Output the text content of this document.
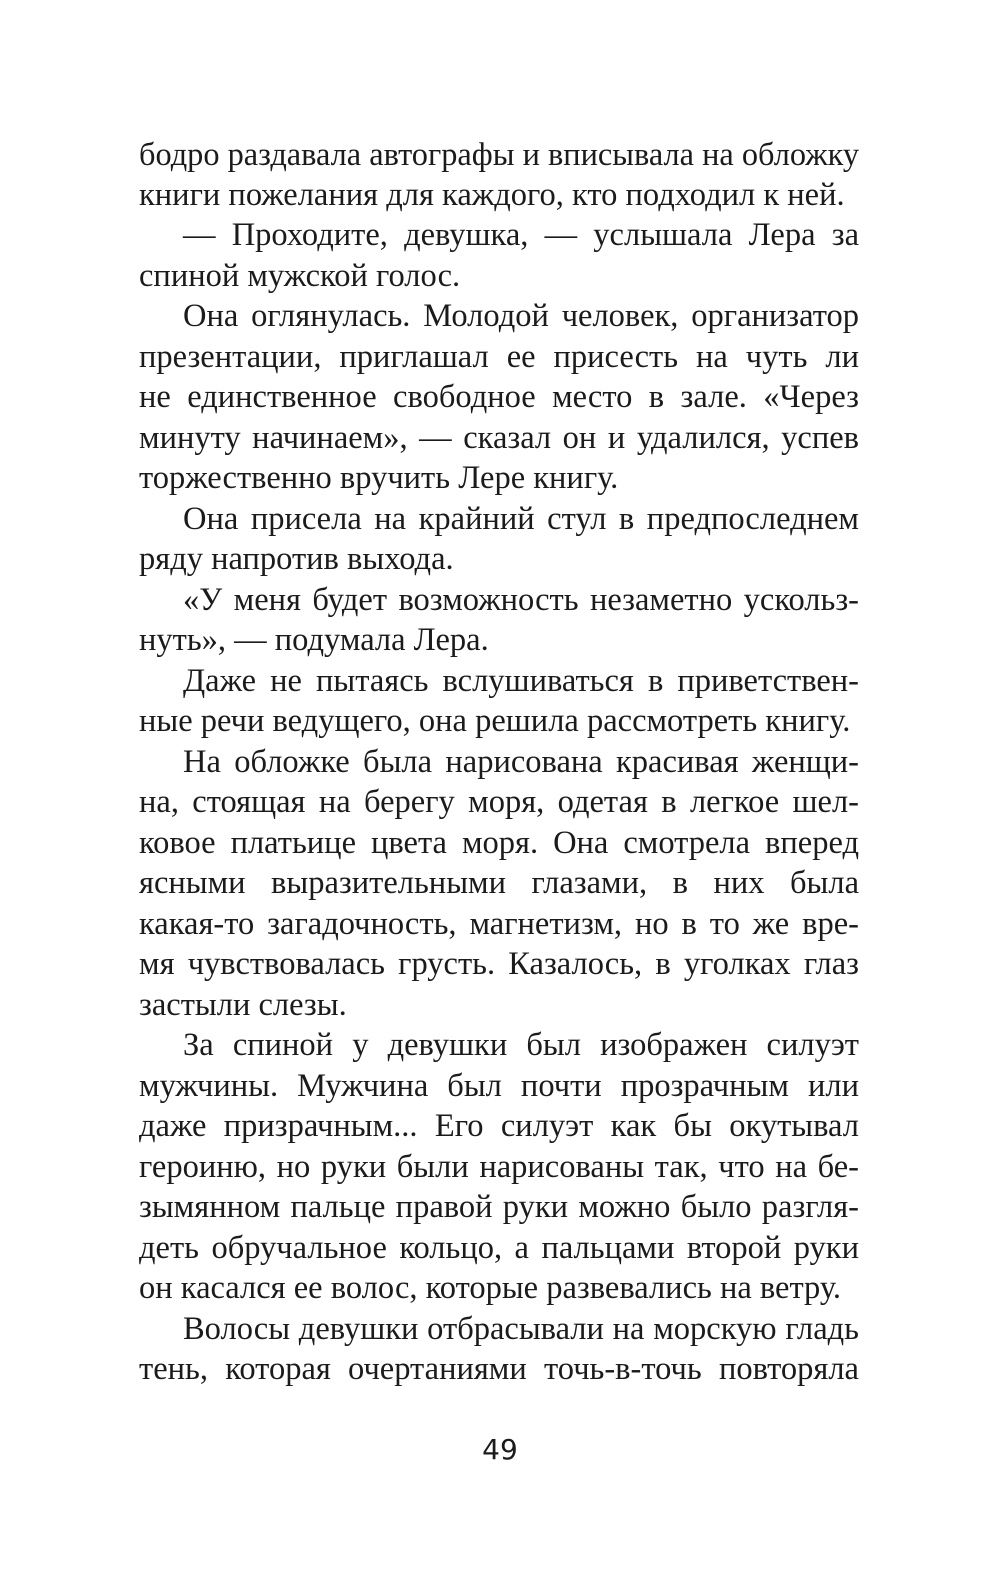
бодро раздавала автографы и вписывала на обложку
книги пожелания для каждого, кто подходил к ней.
— Проходите, девушка, — услышала Лера за
спиной мужской голос.
Она оглянулась. Молодой человек, организатор
презентации, приглашал ее присесть на чуть ли
не единственное свободное место в зале. «Через
минуту начинаем», — сказал он и удалился, успев
торжественно вручить Лере книгу.
Она присела на крайний стул в предпоследнем
ряду напротив выхода.
«У меня будет возможность незаметно ускольз-
нуть», — подумала Лера.
Даже не пытаясь вслушиваться в приветствен-
ные речи ведущего, она решила рассмотреть книгу.
На обложке была нарисована красивая женщи-
на, стоящая на берегу моря, одетая в легкое шел-
ковое платьице цвета моря. Она смотрела вперед
ясными выразительными глазами, в них была
какая-то загадочность, магнетизм, но в то же вре-
мя чувствовалась грусть. Казалось, в уголках глаз
застыли слезы.
За спиной у девушки был изображен силуэт
мужчины. Мужчина был почти прозрачным или
даже призрачным... Его силуэт как бы окутывал
героиню, но руки были нарисованы так, что на бе-
зымянном пальце правой руки можно было разгля-
деть обручальное кольцо, а пальцами второй руки
он касался ее волос, которые развевались на ветру.
Волосы девушки отбрасывали на морскую гладь
тень, которая очертаниями точь-в-точь повторяла
49
